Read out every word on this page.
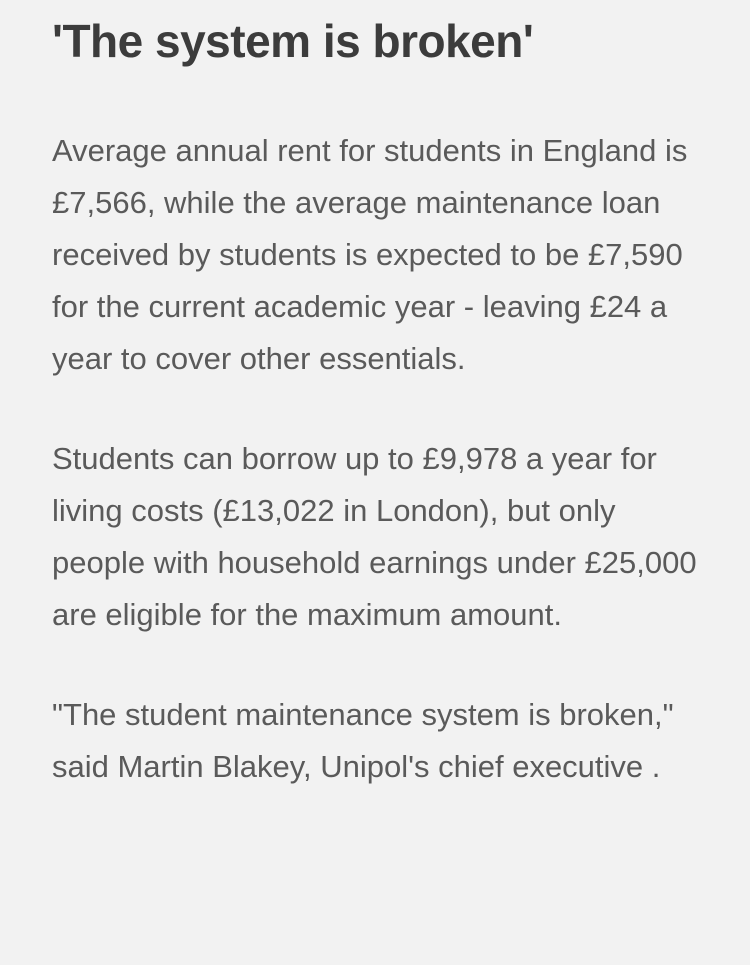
'The system is broken'

Average annual rent for students in England is £7,566, while the average maintenance loan received by students is expected to be £7,590 for the current academic year - leaving £24 a year to cover other essentials.

Students can borrow up to £9,978 a year for living costs (£13,022 in London), but only people with household earnings under £25,000 are eligible for the maximum amount.

"The student maintenance system is broken," said Martin Blakey, Unipol's chief executive .
